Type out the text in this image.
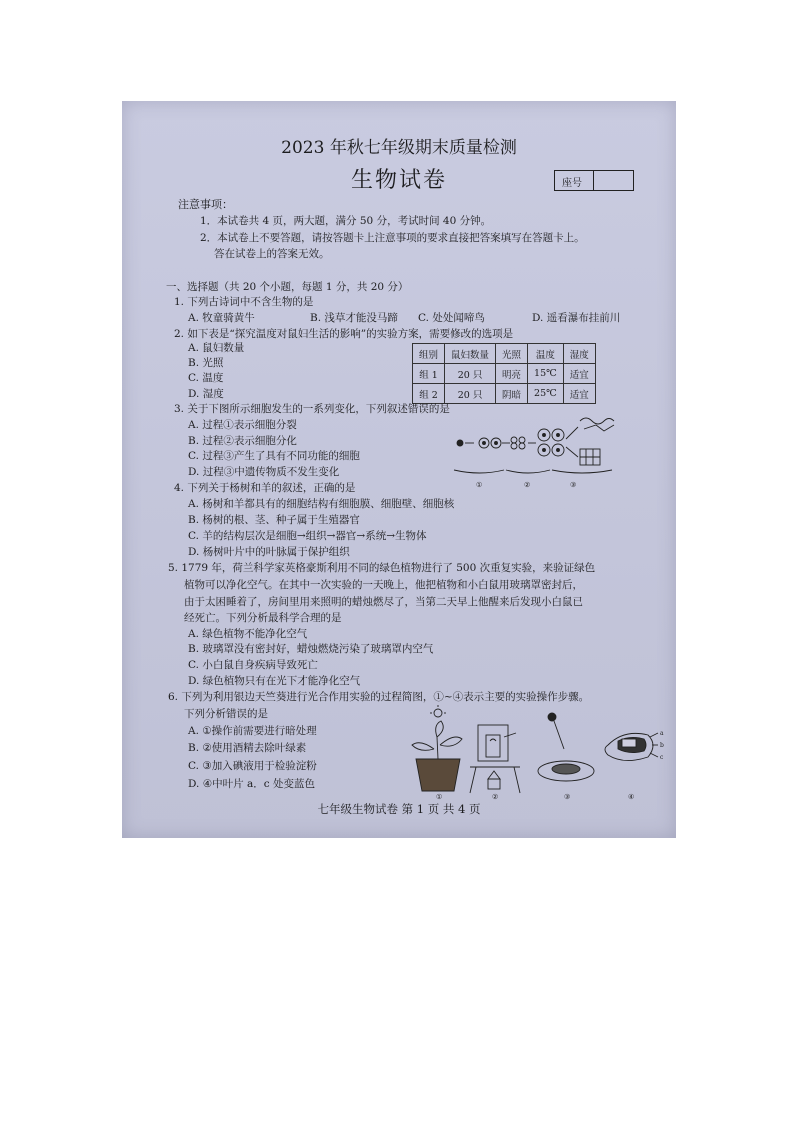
2023 年秋七年级期末质量检测
生物试卷	座号
注意事项：
1．本试卷共 4 页，两大题，满分 50 分，考试时间 40 分钟。
2．本试卷上不要答题，请按答题卡上注意事项的要求直接把答案填写在答题卡上。
答在试卷上的答案无效。
一、选择题（共 20 个小题，每题 1 分，共 20 分）
1. 下列古诗词中不含生物的是
A. 牧童骑黄牛	B. 浅草才能没马蹄 C. 处处闻啼鸟	D. 遥看瀑布挂前川
2. 如下表是“探究温度对鼠妇生活的影响”的实验方案，需要修改的选项是
A. 鼠妇数量
B. 光照
C. 温度
D. 湿度
组别	鼠妇数量	光照	温度	湿度
组 1	20 只	明亮	15℃	适宜
组 2	20 只	阴暗	25℃	适宜
3. 关于下图所示细胞发生的一系列变化，下列叙述错误的是
A. 过程①表示细胞分裂
B. 过程②表示细胞分化
C. 过程③产生了具有不同功能的细胞
D. 过程③中遗传物质不发生变化
①	②	③
4. 下列关于杨树和羊的叙述，正确的是
A. 杨树和羊都具有的细胞结构有细胞膜、细胞壁、细胞核
B. 杨树的根、茎、种子属于生殖器官
C. 羊的结构层次是细胞→组织→器官→系统→生物体
D. 杨树叶片中的叶脉属于保护组织
5. 1779 年，荷兰科学家英格豪斯利用不同的绿色植物进行了 500 次重复实验，来验证绿色
植物可以净化空气。在其中一次实验的一天晚上，他把植物和小白鼠用玻璃罩密封后，
由于太困睡着了，房间里用来照明的蜡烛燃尽了，当第二天早上他醒来后发现小白鼠已
经死亡。下列分析最科学合理的是
A. 绿色植物不能净化空气
B. 玻璃罩没有密封好，蜡烛燃烧污染了玻璃罩内空气
C. 小白鼠自身疾病导致死亡
D. 绿色植物只有在光下才能净化空气
6. 下列为利用银边天竺葵进行光合作用实验的过程简图，①~④表示主要的实验操作步骤。
下列分析错误的是
A. ①操作前需要进行暗处理
B. ②使用酒精去除叶绿素
C. ③加入碘液用于检验淀粉
D. ④中叶片 a．c 处变蓝色
a
b
c
①	②	③	④
七年级生物试卷 第 1 页 共 4 页
